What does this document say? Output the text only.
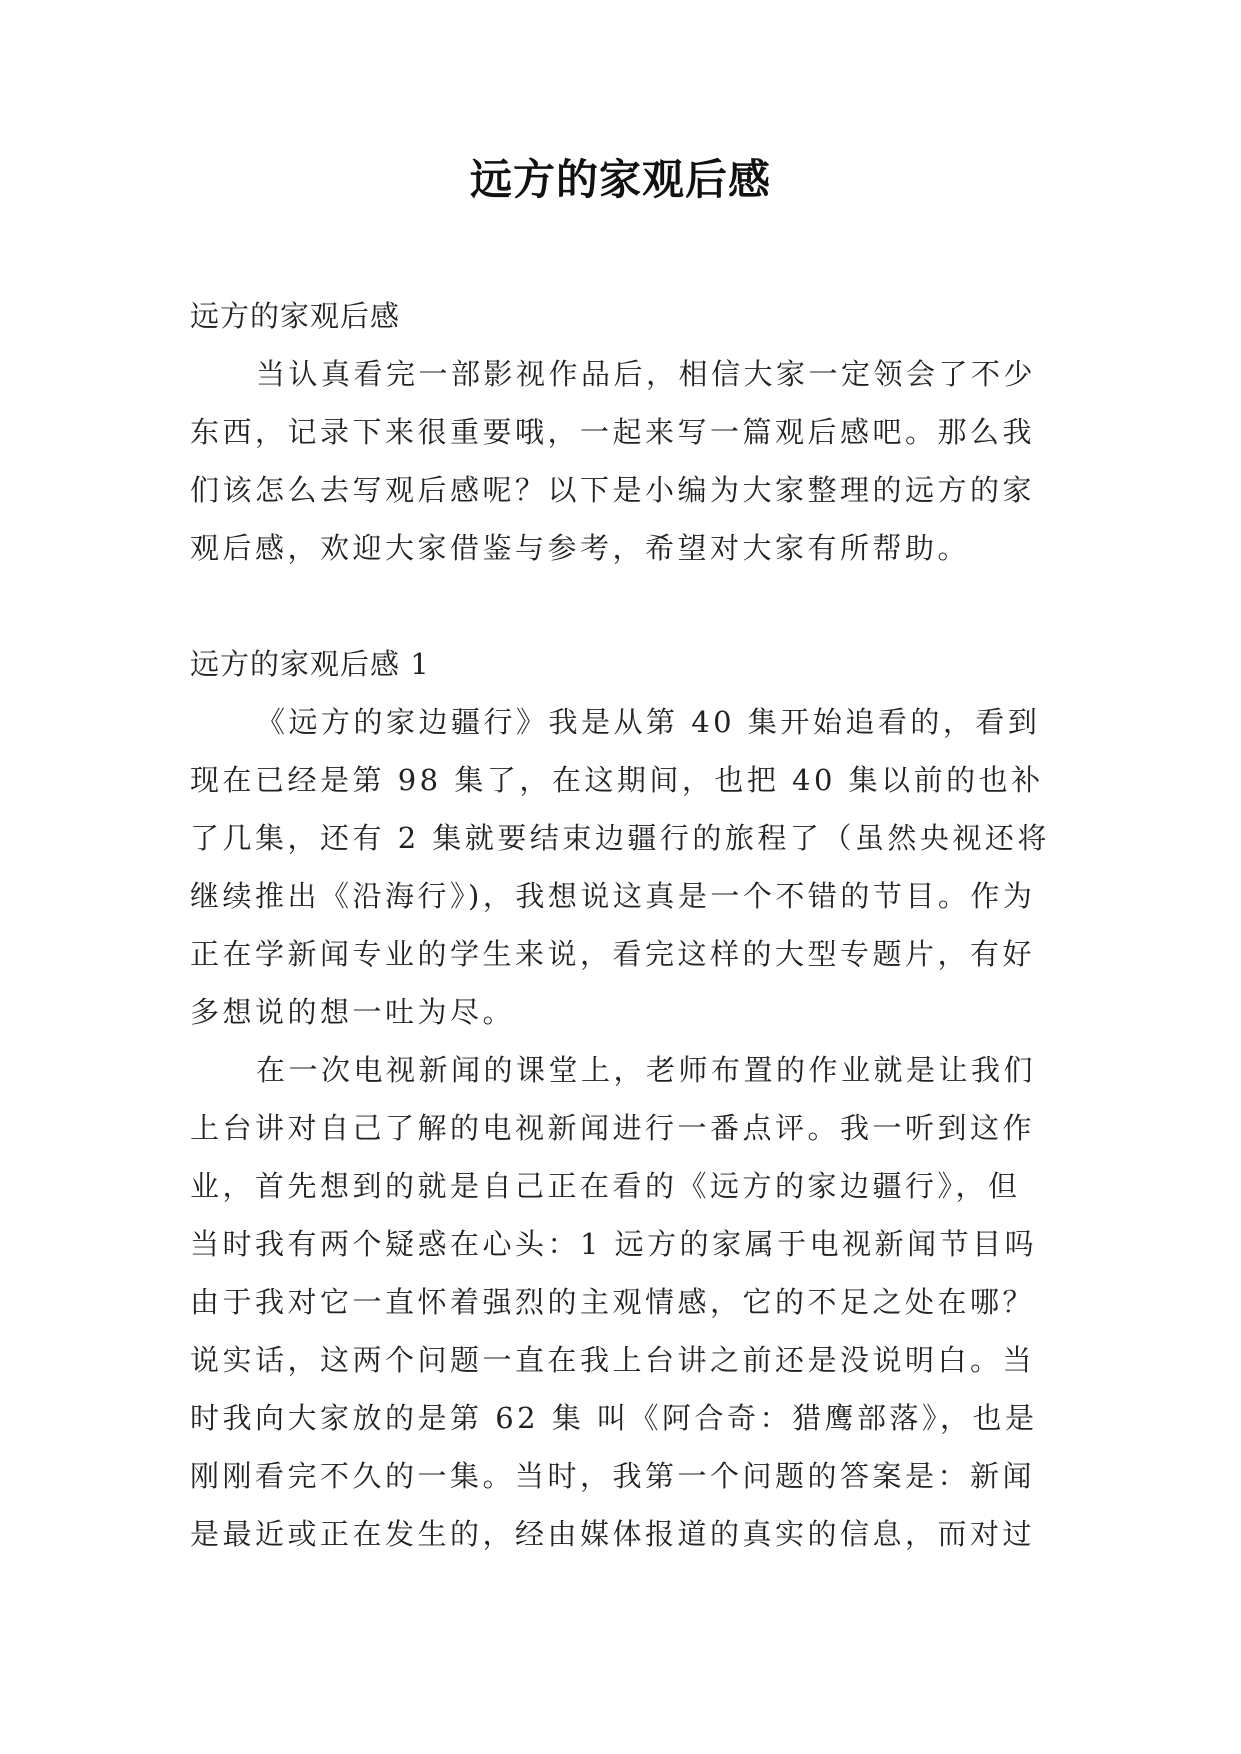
远方的家观后感

远方的家观后感

当认真看完一部影视作品后，相信大家一定领会了不少东西，记录下来很重要哦，一起来写一篇观后感吧。那么我们该怎么去写观后感呢？以下是小编为大家整理的远方的家观后感，欢迎大家借鉴与参考，希望对大家有所帮助。

远方的家观后感 1

《远方的家边疆行》我是从第 40 集开始追看的，看到现在已经是第 98 集了，在这期间，也把 40 集以前的也补了几集，还有 2 集就要结束边疆行的旅程了（虽然央视还将继续推出《沿海行》)，我想说这真是一个不错的节目。作为正在学新闻专业的学生来说，看完这样的大型专题片，有好多想说的想一吐为尽。

在一次电视新闻的课堂上，老师布置的作业就是让我们上台讲对自己了解的电视新闻进行一番点评。我一听到这作业，首先想到的就是自己正在看的《远方的家边疆行》，但当时我有两个疑惑在心头：1 远方的家属于电视新闻节目吗由于我对它一直怀着强烈的主观情感，它的不足之处在哪？说实话，这两个问题一直在我上台讲之前还是没说明白。当时我向大家放的是第 62 集 叫《阿合奇：猎鹰部落》，也是刚刚看完不久的一集。当时，我第一个问题的答案是：新闻是最近或正在发生的，经由媒体报道的真实的信息，而对过
